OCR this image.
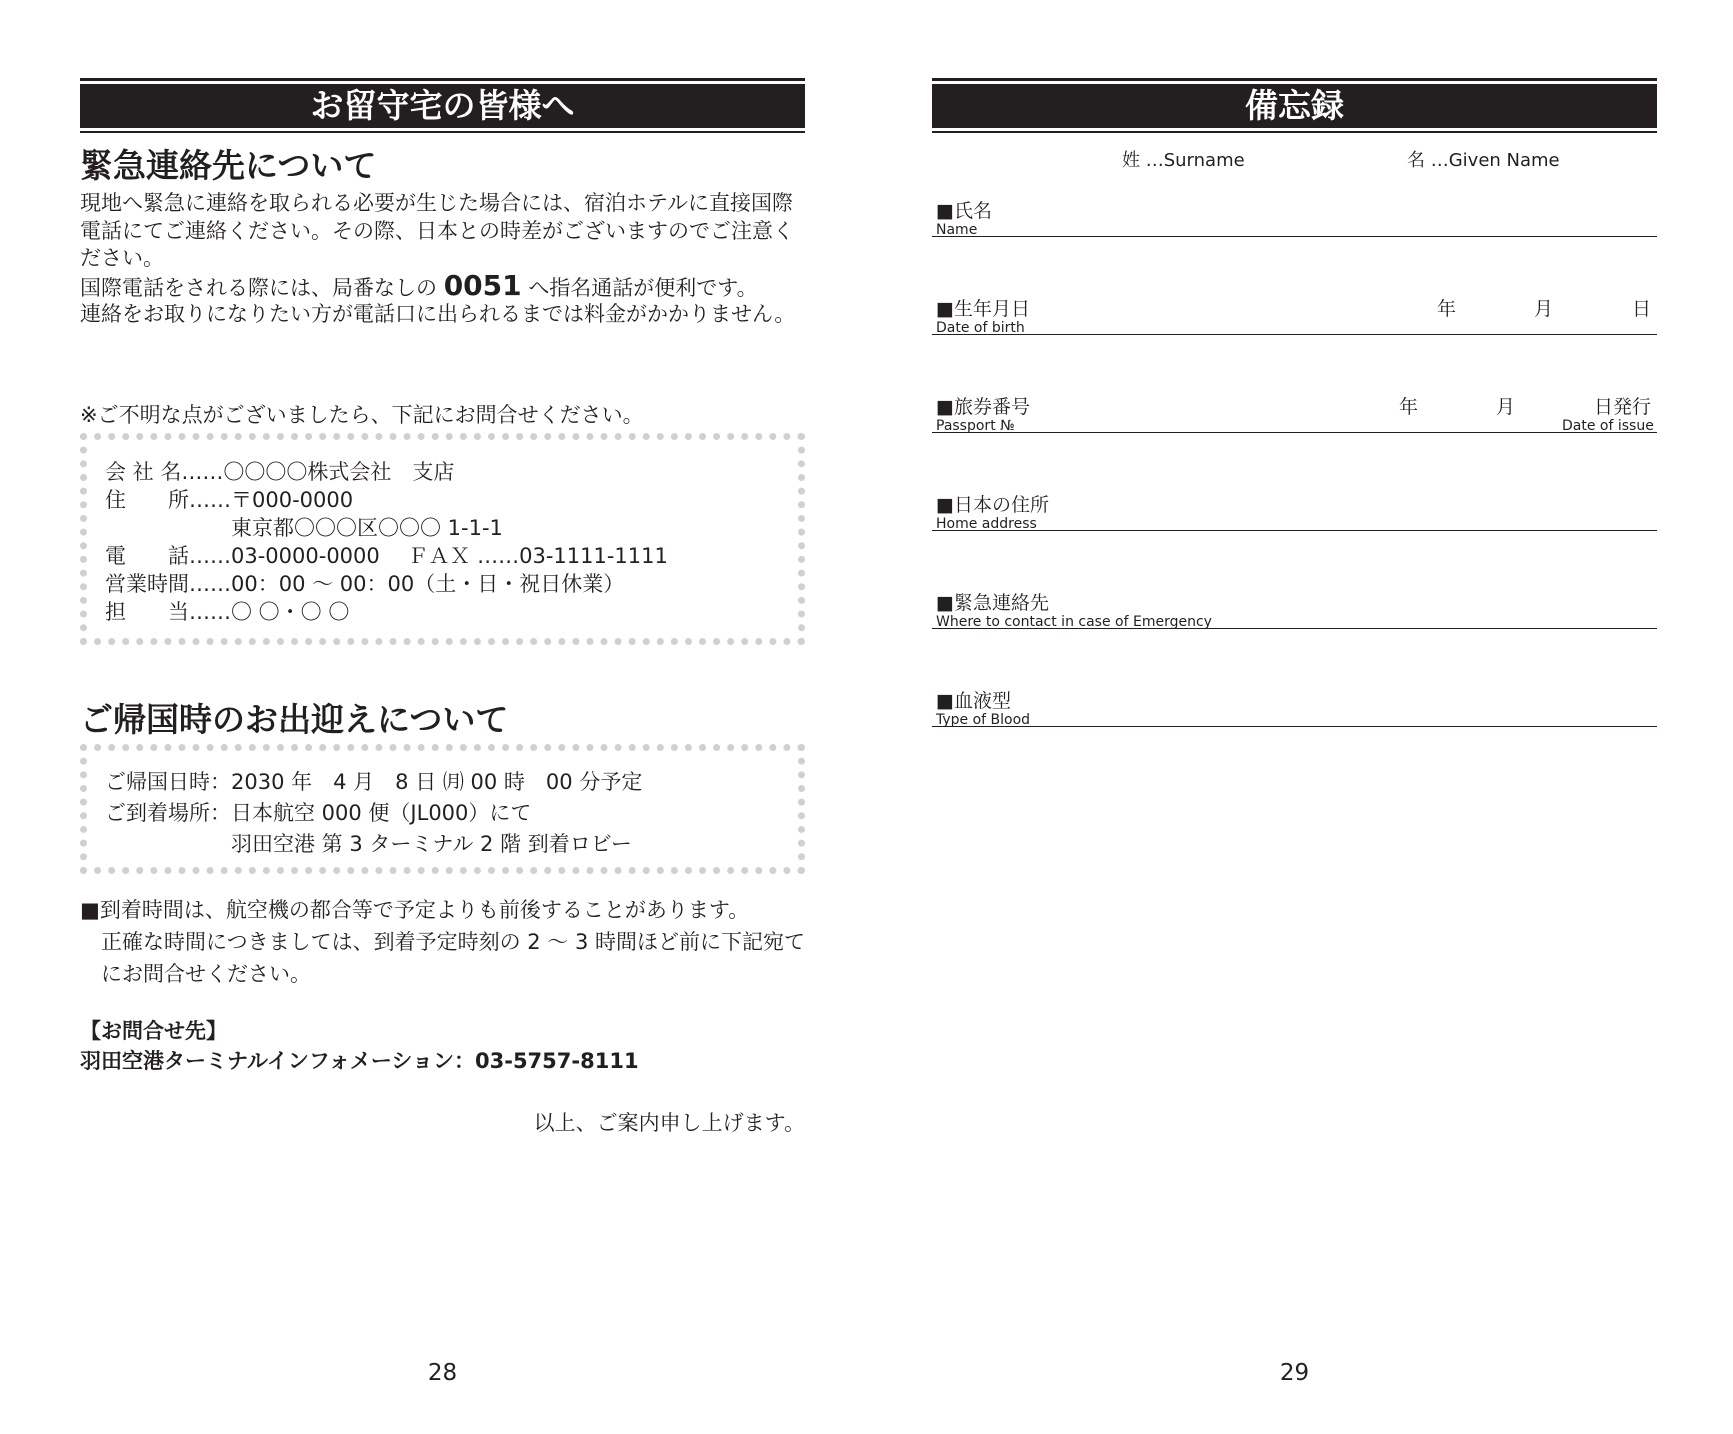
お留守宅の皆様へ
緊急連絡先について
現地へ緊急に連絡を取られる必要が生じた場合には、宿泊ホテルに直接国際電話にてご連絡ください。その際、日本との時差がございますのでご注意ください。
国際電話をされる際には、局番なしの 0051 へ指名通話が便利です。
連絡をお取りになりたい方が電話口に出られるまでは料金がかかりません。
※ご不明な点がございましたら、下記にお問合せください。
会 社 名……〇〇〇〇株式会社　支店
住　　所……〒000-0000
　　　　　　東京都〇〇〇区〇〇〇 1-1-1
電　　話……03-0000-0000　 ＦＡＸ ……03-1111-1111
営業時間……00：00 ～ 00：00（土・日・祝日休業）
担　　当……〇 〇・〇 〇
ご帰国時のお出迎えについて
ご帰国日時：2030 年　4 月　8 日 ㈪ 00 時　00 分予定
ご到着場所：日本航空 000 便（JL000）にて
　　　　　　羽田空港 第 3 ターミナル 2 階 到着ロビー
■到着時間は、航空機の都合等で予定よりも前後することがあります。
　正確な時間につきましては、到着予定時刻の 2 ～ 3 時間ほど前に下記宛て
　にお問合せください。
【お問合せ先】
羽田空港ターミナルインフォメーション：03-5757-8111
以上、ご案内申し上げます。
28
備忘録
姓 …Surname	名 …Given Name
■氏名
Name
■生年月日
Date of birth
年	月	日
■旅券番号
Passport №
年	月	日発行
Date of issue
■日本の住所
Home address
■緊急連絡先
Where to contact in case of Emergency
■血液型
Type of Blood
29
